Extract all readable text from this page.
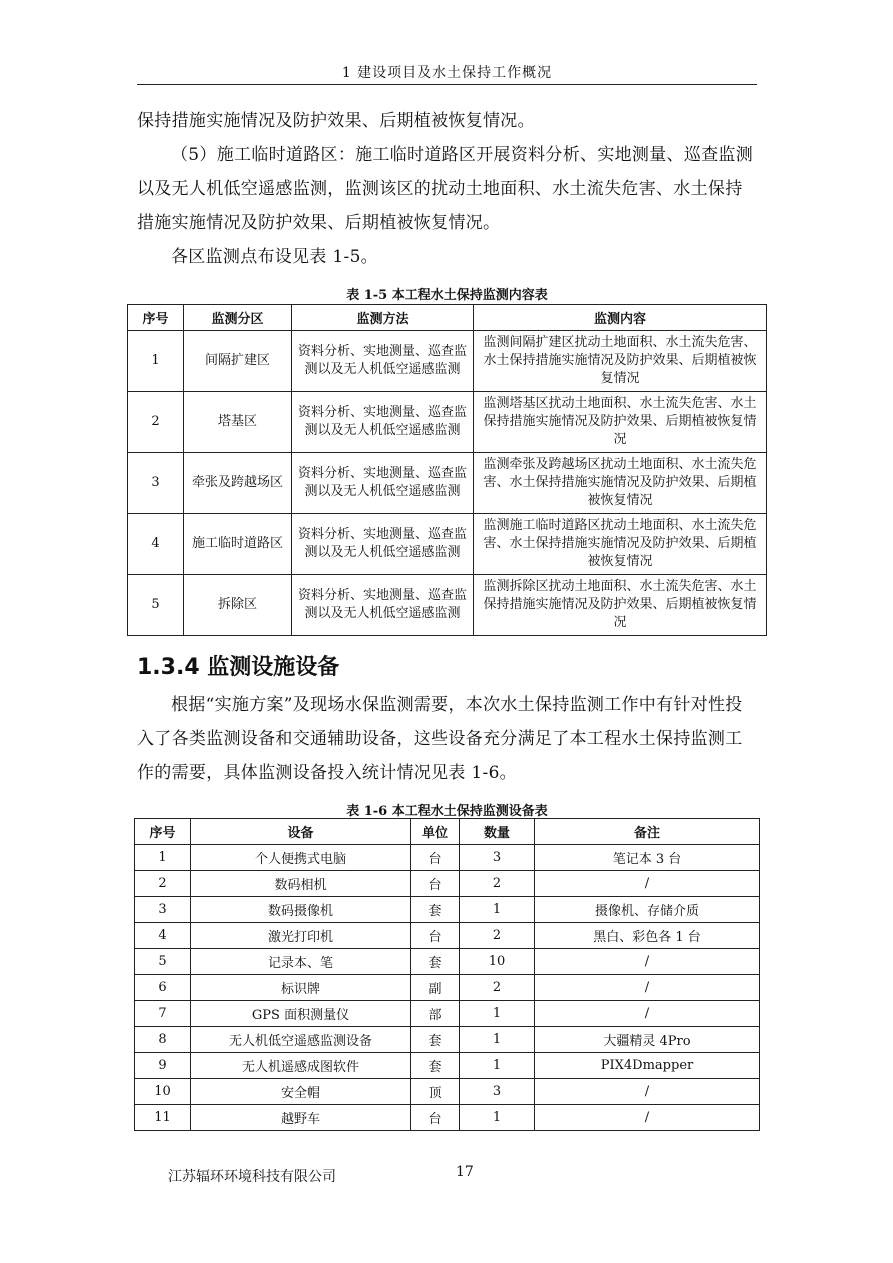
1 建设项目及水土保持工作概况

保持措施实施情况及防护效果、后期植被恢复情况。

（5）施工临时道路区：施工临时道路区开展资料分析、实地测量、巡查监测以及无人机低空遥感监测，监测该区的扰动土地面积、水土流失危害、水土保持措施实施情况及防护效果、后期植被恢复情况。

各区监测点布设见表 1-5。

表 1-5 本工程水土保持监测内容表
序号	监测分区	监测方法	监测内容
1	间隔扩建区	资料分析、实地测量、巡查监测以及无人机低空遥感监测	监测间隔扩建区扰动土地面积、水土流失危害、水土保持措施实施情况及防护效果、后期植被恢复情况
2	塔基区	资料分析、实地测量、巡查监测以及无人机低空遥感监测	监测塔基区扰动土地面积、水土流失危害、水土保持措施实施情况及防护效果、后期植被恢复情况
3	牵张及跨越场区	资料分析、实地测量、巡查监测以及无人机低空遥感监测	监测牵张及跨越场区扰动土地面积、水土流失危害、水土保持措施实施情况及防护效果、后期植被恢复情况
4	施工临时道路区	资料分析、实地测量、巡查监测以及无人机低空遥感监测	监测施工临时道路区扰动土地面积、水土流失危害、水土保持措施实施情况及防护效果、后期植被恢复情况
5	拆除区	资料分析、实地测量、巡查监测以及无人机低空遥感监测	监测拆除区扰动土地面积、水土流失危害、水土保持措施实施情况及防护效果、后期植被恢复情况
1.3.4 监测设施设备

根据“实施方案”及现场水保监测需要，本次水土保持监测工作中有针对性投入了各类监测设备和交通辅助设备，这些设备充分满足了本工程水土保持监测工作的需要，具体监测设备投入统计情况见表 1-6。

表 1-6 本工程水土保持监测设备表
序号	设备	单位	数量	备注
1	个人便携式电脑	台	3	笔记本 3 台
2	数码相机	台	2	/
3	数码摄像机	套	1	摄像机、存储介质
4	激光打印机	台	2	黑白、彩色各 1 台
5	记录本、笔	套	10	/
6	标识牌	副	2	/
7	GPS 面积测量仪	部	1	/
8	无人机低空遥感监测设备	套	1	大疆精灵 4Pro
9	无人机遥感成图软件	套	1	PIX4Dmapper
10	安全帽	顶	3	/
11	越野车	台	1	/
江苏辐环环境科技有限公司	17
